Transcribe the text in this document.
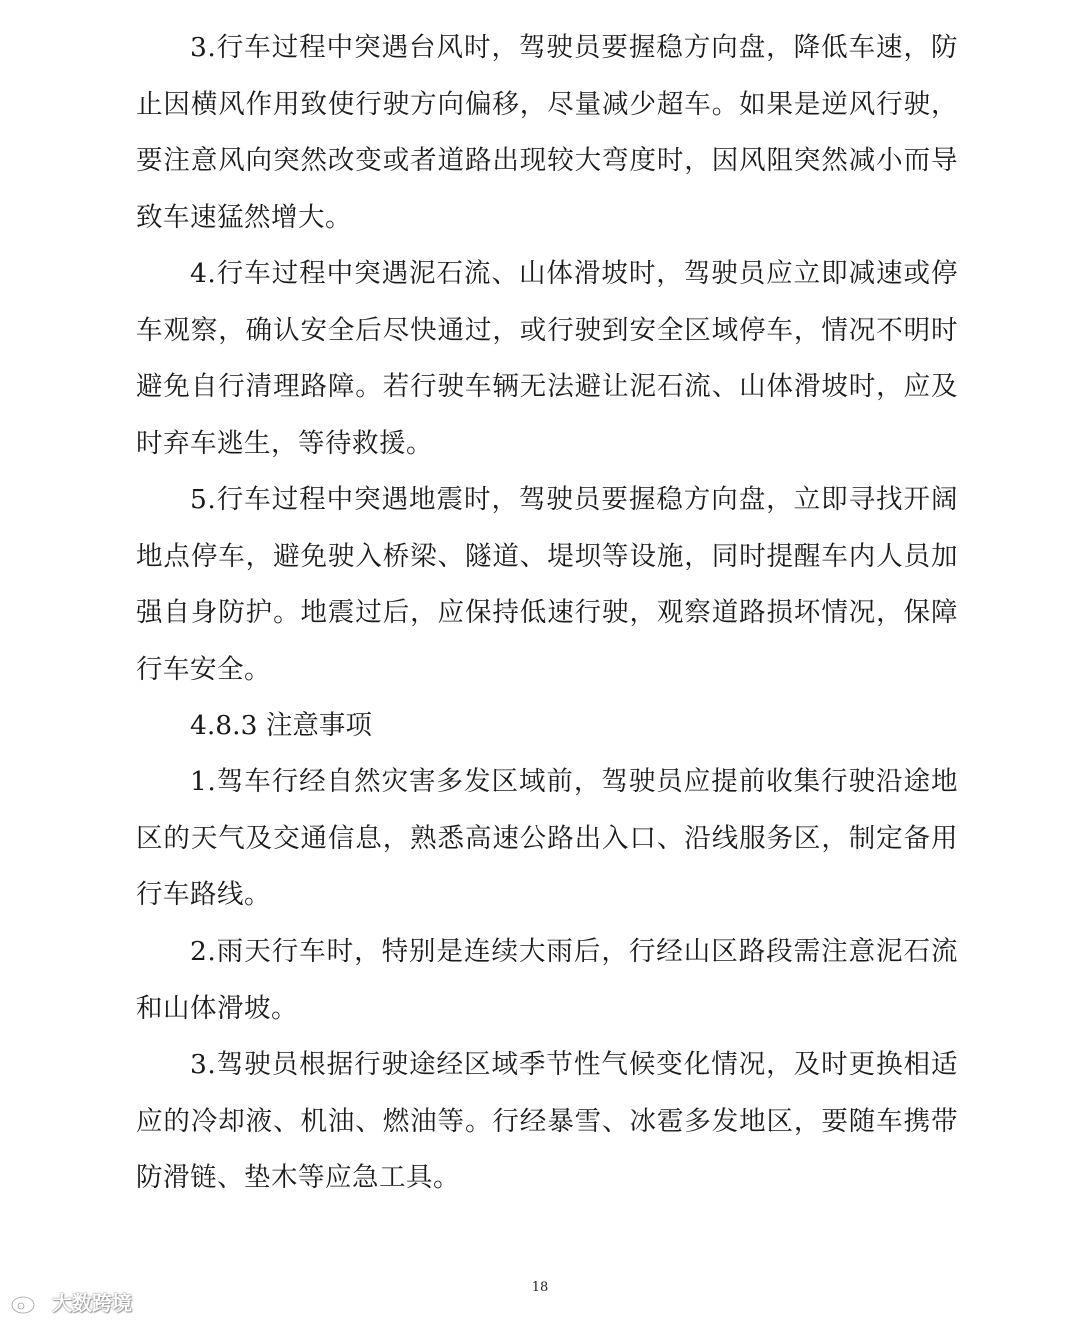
3.行车过程中突遇台风时，驾驶员要握稳方向盘，降低车速，防止因横风作用致使行驶方向偏移，尽量减少超车。如果是逆风行驶，要注意风向突然改变或者道路出现较大弯度时，因风阻突然减小而导致车速猛然增大。

4.行车过程中突遇泥石流、山体滑坡时，驾驶员应立即减速或停车观察，确认安全后尽快通过，或行驶到安全区域停车，情况不明时避免自行清理路障。若行驶车辆无法避让泥石流、山体滑坡时，应及时弃车逃生，等待救援。

5.行车过程中突遇地震时，驾驶员要握稳方向盘，立即寻找开阔地点停车，避免驶入桥梁、隧道、堤坝等设施，同时提醒车内人员加强自身防护。地震过后，应保持低速行驶，观察道路损坏情况，保障行车安全。

4.8.3 注意事项

1.驾车行经自然灾害多发区域前，驾驶员应提前收集行驶沿途地区的天气及交通信息，熟悉高速公路出入口、沿线服务区，制定备用行车路线。

2.雨天行车时，特别是连续大雨后，行经山区路段需注意泥石流和山体滑坡。

3.驾驶员根据行驶途经区域季节性气候变化情况，及时更换相适应的冷却液、机油、燃油等。行经暴雪、冰雹多发地区，要随车携带防滑链、垫木等应急工具。

18
大数跨境
